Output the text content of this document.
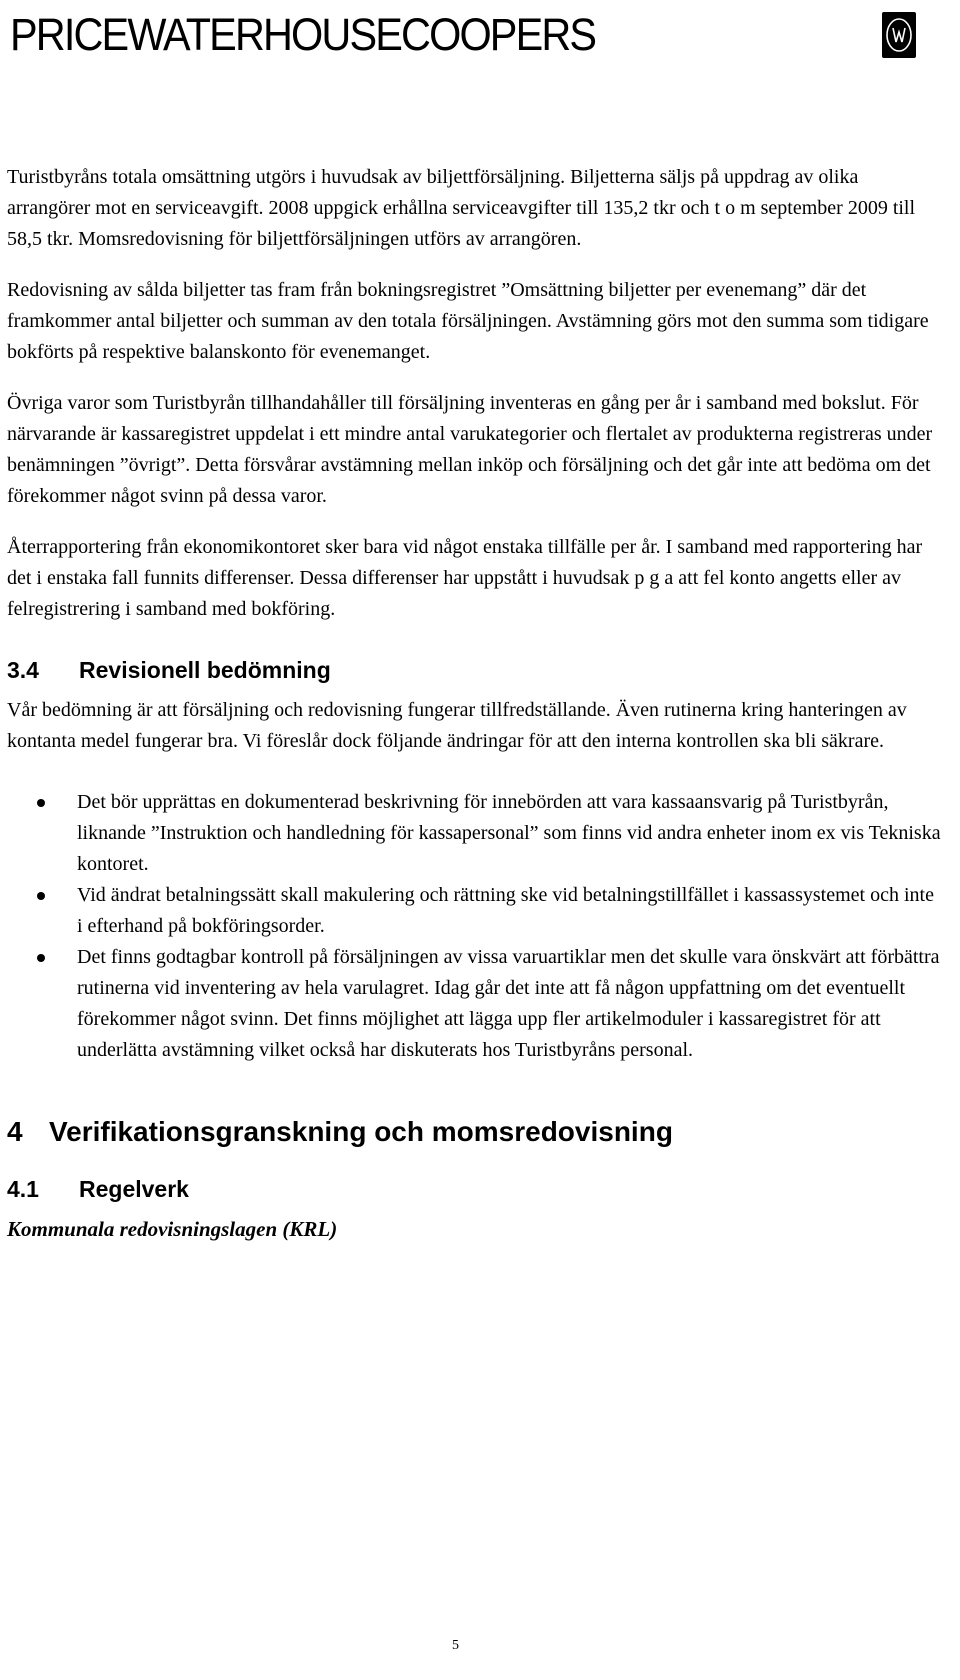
PRICEWATERHOUSECOOPERS

Turistbyråns totala omsättning utgörs i huvudsak av biljettförsäljning. Biljetterna säljs på uppdrag av olika arrangörer mot en serviceavgift. 2008 uppgick erhållna serviceavgifter till 135,2 tkr och t o m september 2009 till 58,5 tkr. Momsredovisning för biljettförsäljningen utförs av arrangören.

Redovisning av sålda biljetter tas fram från bokningsregistret ”Omsättning biljetter per evenemang” där det framkommer antal biljetter och summan av den totala försäljningen. Avstämning görs mot den summa som tidigare bokförts på respektive balanskonto för evenemanget.

Övriga varor som Turistbyrån tillhandahåller till försäljning inventeras en gång per år i samband med bokslut. För närvarande är kassaregistret uppdelat i ett mindre antal varukategorier och flertalet av produkterna registreras under benämningen ”övrigt”. Detta försvårar avstämning mellan inköp och försäljning och det går inte att bedöma om det förekommer något svinn på dessa varor.

Återrapportering från ekonomikontoret sker bara vid något enstaka tillfälle per år. I samband med rapportering har det i enstaka fall funnits differenser. Dessa differenser har uppstått i huvudsak p g a att fel konto angetts eller av felregistrering i samband med bokföring.

3.4 Revisionell bedömning

Vår bedömning är att försäljning och redovisning fungerar tillfredställande. Även rutinerna kring hanteringen av kontanta medel fungerar bra. Vi föreslår dock följande ändringar för att den interna kontrollen ska bli säkrare.

Det bör upprättas en dokumenterad beskrivning för innebörden att vara kassaansvarig på Turistbyrån, liknande ”Instruktion och handledning för kassapersonal” som finns vid andra enheter inom ex vis Tekniska kontoret.
Vid ändrat betalningssätt skall makulering och rättning ske vid betalningstillfället i kassassystemet och inte i efterhand på bokföringsorder.
Det finns godtagbar kontroll på försäljningen av vissa varuartiklar men det skulle vara önskvärt att förbättra rutinerna vid inventering av hela varulagret. Idag går det inte att få någon uppfattning om det eventuellt förekommer något svinn. Det finns möjlighet att lägga upp fler artikelmoduler i kassaregistret för att underlätta avstämning vilket också har diskuterats hos Turistbyråns personal.
4 Verifikationsgranskning och momsredovisning
4.1 Regelverk

Kommunala redovisningslagen (KRL)

5
